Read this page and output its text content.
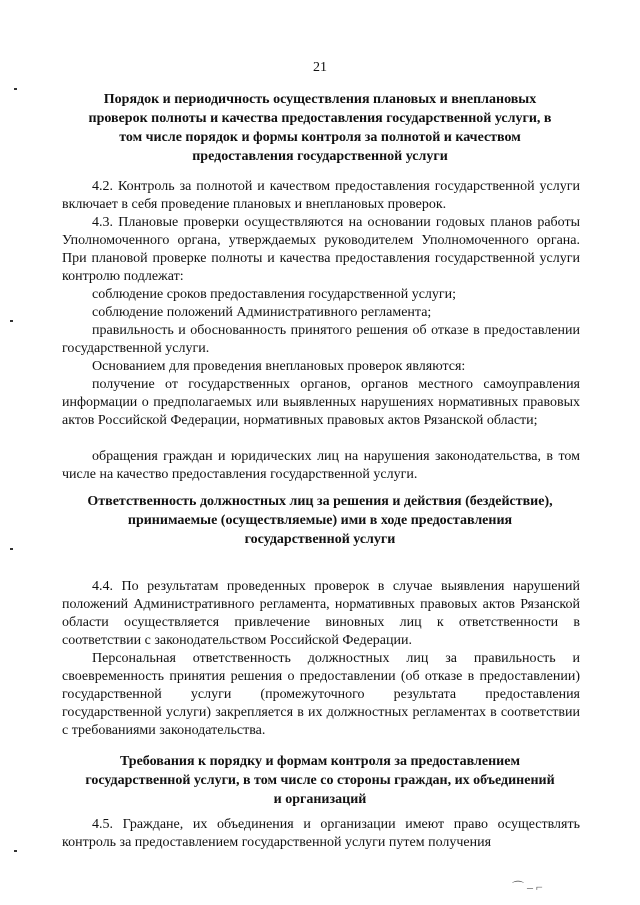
21
Порядок и периодичность осуществления плановых и внеплановых проверок полноты и качества предоставления государственной услуги, в том числе порядок и формы контроля за полнотой и качеством предоставления государственной услуги
4.2. Контроль за полнотой и качеством предоставления государственной услуги включает в себя проведение плановых и внеплановых проверок.
4.3. Плановые проверки осуществляются на основании годовых планов работы Уполномоченного органа, утверждаемых руководителем Уполномоченного органа. При плановой проверке полноты и качества предоставления государственной услуги контролю подлежат:
соблюдение сроков предоставления государственной услуги;
соблюдение положений Административного регламента;
правильность и обоснованность принятого решения об отказе в предоставлении государственной услуги.
Основанием для проведения внеплановых проверок являются:
получение от государственных органов, органов местного самоуправления информации о предполагаемых или выявленных нарушениях нормативных правовых актов Российской Федерации, нормативных правовых актов Рязанской области;
обращения граждан и юридических лиц на нарушения законодательства, в том числе на качество предоставления государственной услуги.
Ответственность должностных лиц за решения и действия (бездействие), принимаемые (осуществляемые) ими в ходе предоставления государственной услуги
4.4. По результатам проведенных проверок в случае выявления нарушений положений Административного регламента, нормативных правовых актов Рязанской области осуществляется привлечение виновных лиц к ответственности в соответствии с законодательством Российской Федерации.
Персональная ответственность должностных лиц за правильность и своевременность принятия решения о предоставлении (об отказе в предоставлении) государственной услуги (промежуточного результата предоставления государственной услуги) закрепляется в их должностных регламентах в соответствии с требованиями законодательства.
Требования к порядку и формам контроля за предоставлением государственной услуги, в том числе со стороны граждан, их объединений и организаций
4.5. Граждане, их объединения и организации имеют право осуществлять контроль за предоставлением государственной услуги путем получения
⌒ – ⌐
